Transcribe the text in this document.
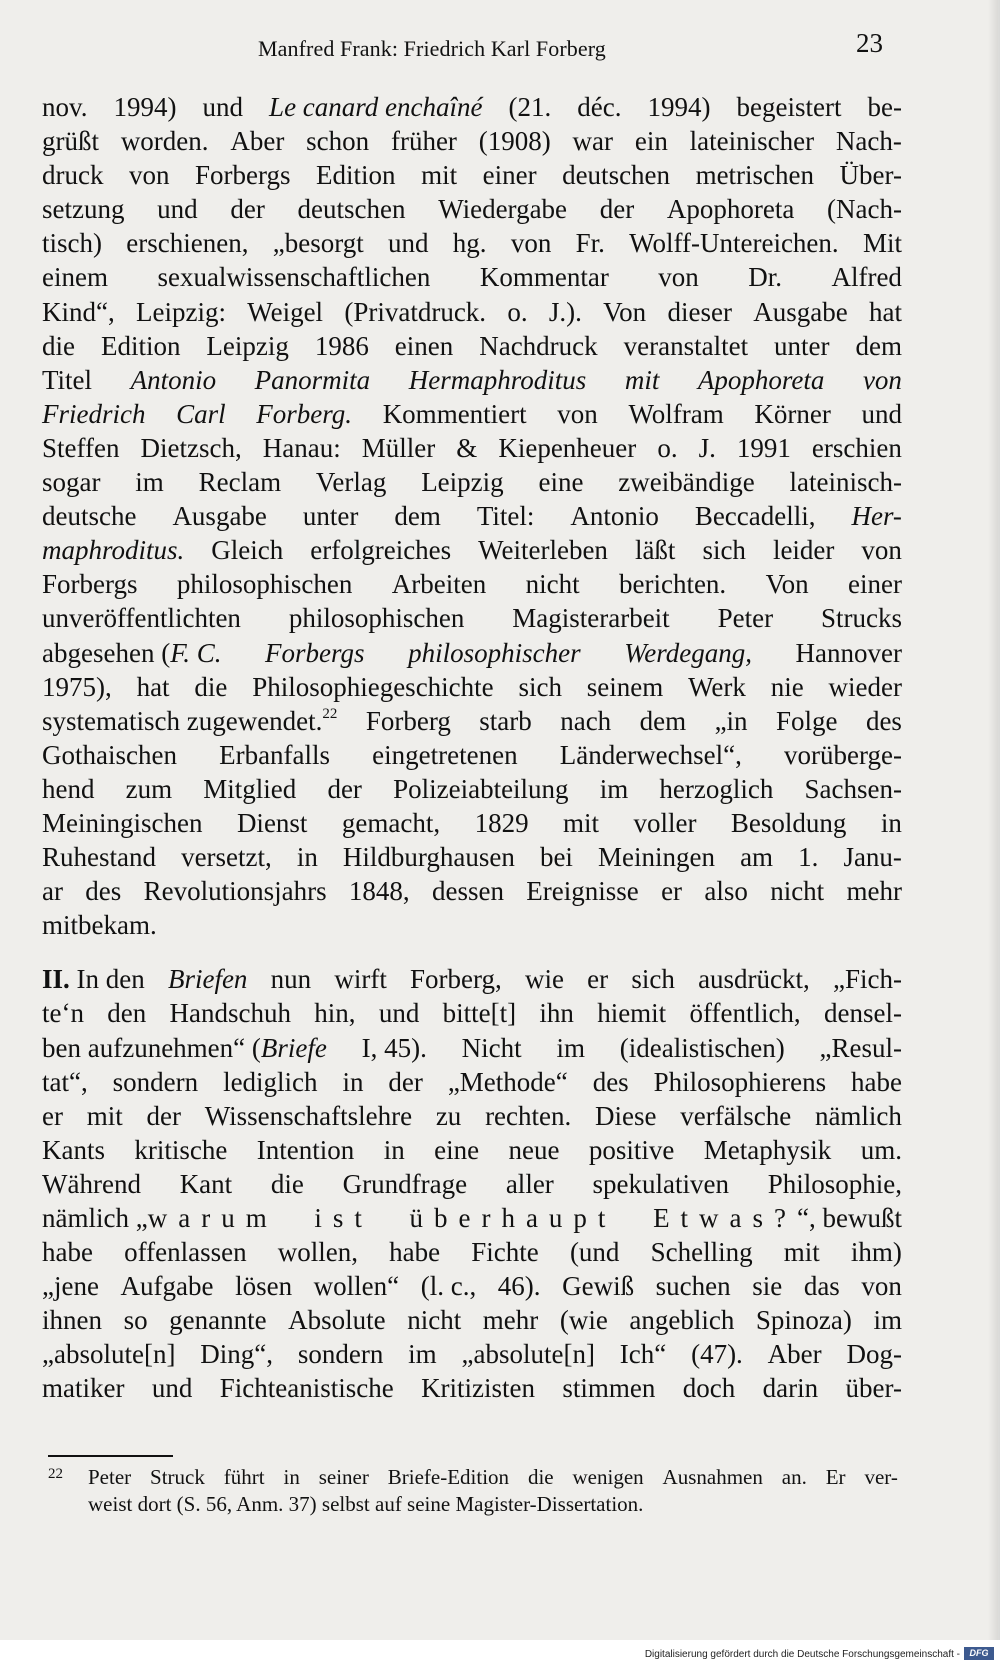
Manfred Frank: Friedrich Karl Forberg	23
nov. 1994) und Le canard enchaîné (21. déc. 1994) begeistert be-
grüßt worden. Aber schon früher (1908) war ein lateinischer Nach-
druck von Forbergs Edition mit einer deutschen metrischen Über-
setzung und der deutschen Wiedergabe der Apophoreta (Nach-
tisch) erschienen, „besorgt und hg. von Fr. Wolff-Untereichen. Mit
einem sexualwissenschaftlichen Kommentar von Dr. Alfred
Kind“, Leipzig: Weigel (Privatdruck. o. J.). Von dieser Ausgabe hat
die Edition Leipzig 1986 einen Nachdruck veranstaltet unter dem
Titel Antonio Panormita Hermaphroditus mit Apophoreta von
Friedrich Carl Forberg. Kommentiert von Wolfram Körner und
Steffen Dietzsch, Hanau: Müller & Kiepenheuer o. J. 1991 erschien
sogar im Reclam Verlag Leipzig eine zweibändige lateinisch-
deutsche Ausgabe unter dem Titel: Antonio Beccadelli, Her-
maphroditus. Gleich erfolgreiches Weiterleben läßt sich leider von
Forbergs philosophischen Arbeiten nicht berichten. Von einer
unveröffentlichten philosophischen Magisterarbeit Peter Strucks
abgesehen (F. C. Forbergs philosophischer Werdegang, Hannover
1975), hat die Philosophiegeschichte sich seinem Werk nie wieder
systematisch zugewendet.$^{22}$ Forberg starb nach dem „in Folge des
Gothaischen Erbanfalls eingetretenen Länderwechsel“, vorüberge-
hend zum Mitglied der Polizeiabteilung im herzoglich Sachsen-
Meiningischen Dienst gemacht, 1829 mit voller Besoldung in
Ruhestand versetzt, in Hildburghausen bei Meiningen am 1. Janu-
ar des Revolutionsjahrs 1848, dessen Ereignisse er also nicht mehr
mitbekam.
II. In den Briefen nun wirft Forberg, wie er sich ausdrückt, „Fich-
te‘n den Handschuh hin, und bitte[t] ihn hiemit öffentlich, densel-
ben aufzunehmen“ (Briefe I, 45). Nicht im (idealistischen) „Resul-
tat“, sondern lediglich in der „Methode“ des Philosophierens habe
er mit der Wissenschaftslehre zu rechten. Diese verfälsche nämlich
Kants kritische Intention in eine neue positive Metaphysik um.
Während Kant die Grundfrage aller spekulativen Philosophie,
nämlich „warum ist überhaupt Etwas?“, bewußt
habe offenlassen wollen, habe Fichte (und Schelling mit ihm)
„jene Aufgabe lösen wollen“ (l. c., 46). Gewiß suchen sie das von
ihnen so genannte Absolute nicht mehr (wie angeblich Spinoza) im
„absolute[n] Ding“, sondern im „absolute[n] Ich“ (47). Aber Dog-
matiker und Fichteanistische Kritizisten stimmen doch darin über-
22 Peter Struck führt in seiner Briefe-Edition die wenigen Ausnahmen an. Er ver-
weist dort (S. 56, Anm. 37) selbst auf seine Magister-Dissertation.
Digitalisierung gefördert durch die Deutsche Forschungsgemeinschaft -	DFG
